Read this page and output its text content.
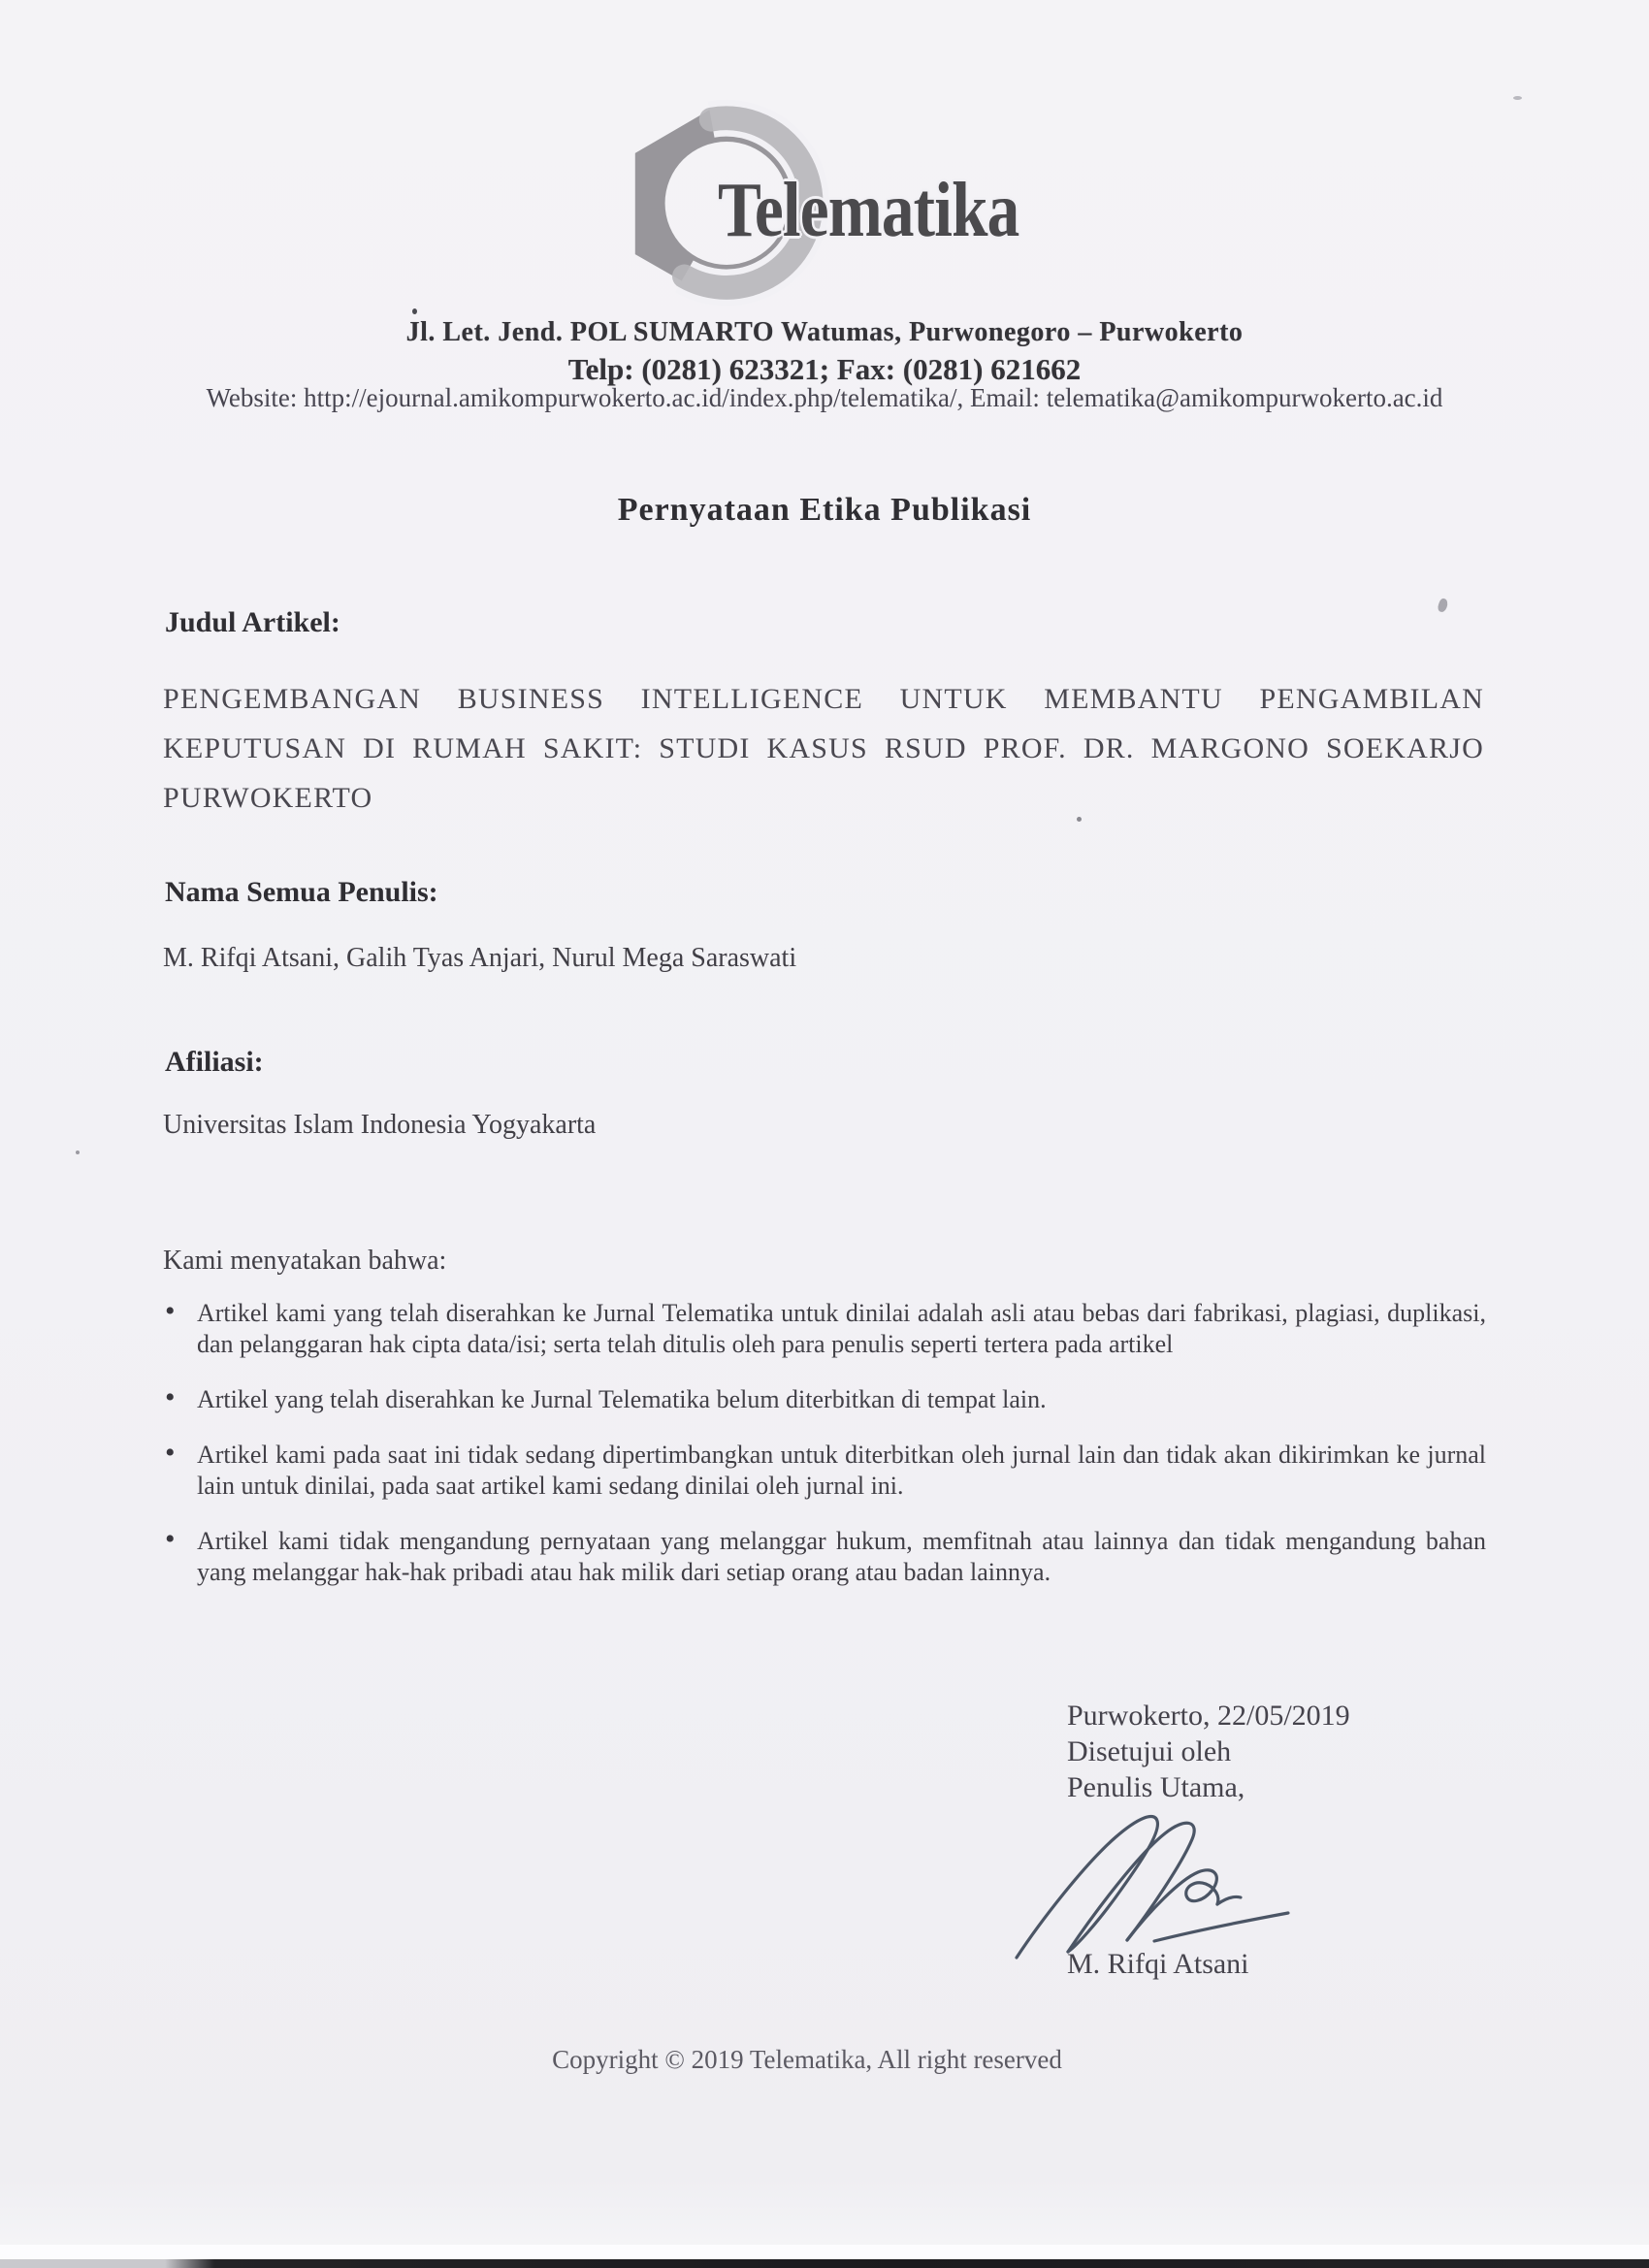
Telematika
Jl. Let. Jend. POL SUMARTO Watumas, Purwonegoro – Purwokerto
Telp: (0281) 623321; Fax: (0281) 621662
Website: http://ejournal.amikompurwokerto.ac.id/index.php/telematika/, Email: telematika@amikompurwokerto.ac.id
Pernyataan Etika Publikasi
Judul Artikel:
PENGEMBANGAN BUSINESS INTELLIGENCE UNTUK MEMBANTU PENGAMBILAN KEPUTUSAN DI RUMAH SAKIT: STUDI KASUS RSUD PROF. DR. MARGONO SOEKARJO PURWOKERTO
Nama Semua Penulis:
M. Rifqi Atsani, Galih Tyas Anjari, Nurul Mega Saraswati
Afiliasi:
Universitas Islam Indonesia Yogyakarta
Kami menyatakan bahwa:
• Artikel kami yang telah diserahkan ke Jurnal Telematika untuk dinilai adalah asli atau bebas dari fabrikasi, plagiasi, duplikasi, dan pelanggaran hak cipta data/isi; serta telah ditulis oleh para penulis seperti tertera pada artikel
• Artikel yang telah diserahkan ke Jurnal Telematika belum diterbitkan di tempat lain.
• Artikel kami pada saat ini tidak sedang dipertimbangkan untuk diterbitkan oleh jurnal lain dan tidak akan dikirimkan ke jurnal lain untuk dinilai, pada saat artikel kami sedang dinilai oleh jurnal ini.
• Artikel kami tidak mengandung pernyataan yang melanggar hukum, memfitnah atau lainnya dan tidak mengandung bahan yang melanggar hak-hak pribadi atau hak milik dari setiap orang atau badan lainnya.
Purwokerto, 22/05/2019
Disetujui oleh
Penulis Utama,
M. Rifqi Atsani
Copyright © 2019 Telematika, All right reserved
